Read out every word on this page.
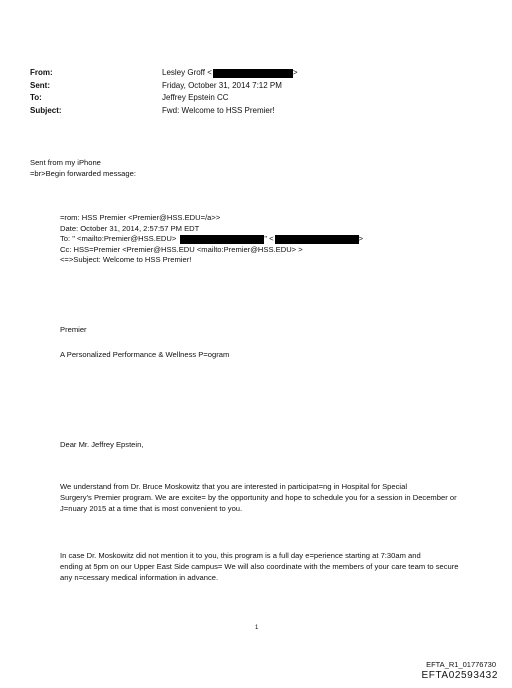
From:	Lesley Groff <	>
Sent:	Friday, October 31, 2014 7:12 PM
To:	Jeffrey Epstein CC
Subject:	Fwd: Welcome to HSS Premier!
Sent from my iPhone
=br>Begin forwarded message:
=rom: HSS Premier <Premier@HSS.EDU=/a>>
Date: October 31, 2014, 2:57:57 PM EDT
To: " <mailto:Premier@HSS.EDU>	" <	>
Cc: HSS=Premier <Premier@HSS.EDU <mailto:Premier@HSS.EDU> >
<=>Subject: Welcome to HSS Premier!
Premier
A Personalized Performance & Wellness P=ogram
Dear Mr. Jeffrey Epstein,
We understand from Dr. Bruce Moskowitz that you are interested in participat=ng in Hospital for Special
Surgery's Premier program. We are excite= by the opportunity and hope to schedule you for a session in December or
J=nuary 2015 at a time that is most convenient to you.
In case Dr. Moskowitz did not mention it to you, this program is a full day e=perience starting at 7:30am and
ending at 5pm on our Upper East Side campus= We will also coordinate with the members of your care team to secure
any n=cessary medical information in advance.
1
EFTA_R1_01776730
EFTA02593432
